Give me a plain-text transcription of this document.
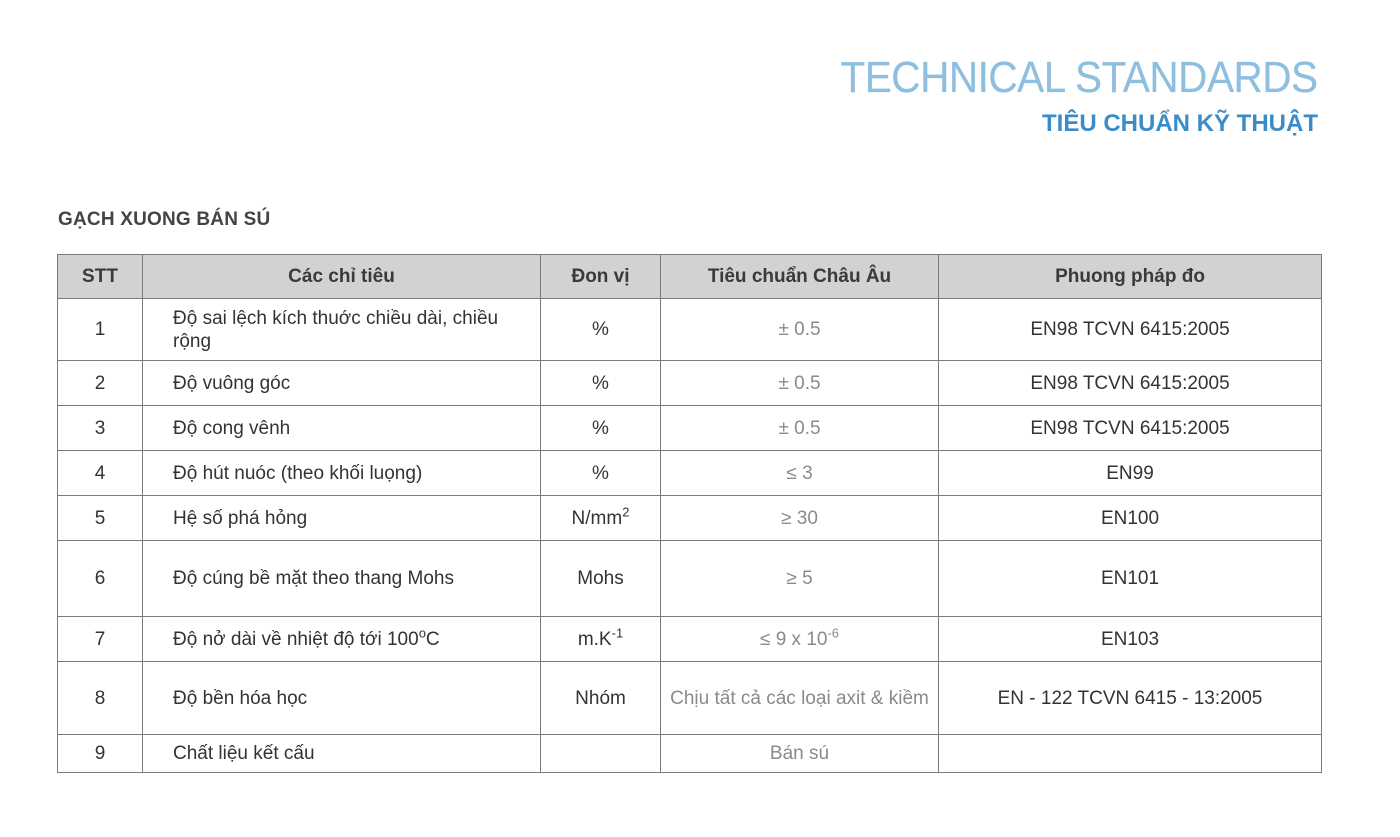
TECHNICAL STANDARDS
TIÊU CHUẨN KỸ THUẬT
GẠCH XUONG BÁN SÚ
STT	Các chỉ tiêu	Đon vị	Tiêu chuẩn Châu Âu	Phuong pháp đo
1	Độ sai lệch kích thuớc chiều dài, chiều rộng	%	± 0.5	EN98 TCVN 6415:2005
2	Độ vuông góc	%	± 0.5	EN98 TCVN 6415:2005
3	Độ cong vênh	%	± 0.5	EN98 TCVN 6415:2005
4	Độ hút nuóc (theo khối luọng)	%	≤ 3	EN99
5	Hệ số phá hỏng	$N/mm^2$	≥ 30	EN100
6	Độ cúng bề mặt theo thang Mohs	Mohs	≥ 5	EN101
7	Độ nở dài về nhiệt độ tới 100$^o$C	$m.K^{-1}$	≤ 9 x $10^{-6}$	EN103
8	Độ bền hóa học	Nhóm	Chịu tất cả các loại axit & kiềm	EN - 122 TCVN 6415 - 13:2005
9	Chất liệu kết cấu		Bán sú	
